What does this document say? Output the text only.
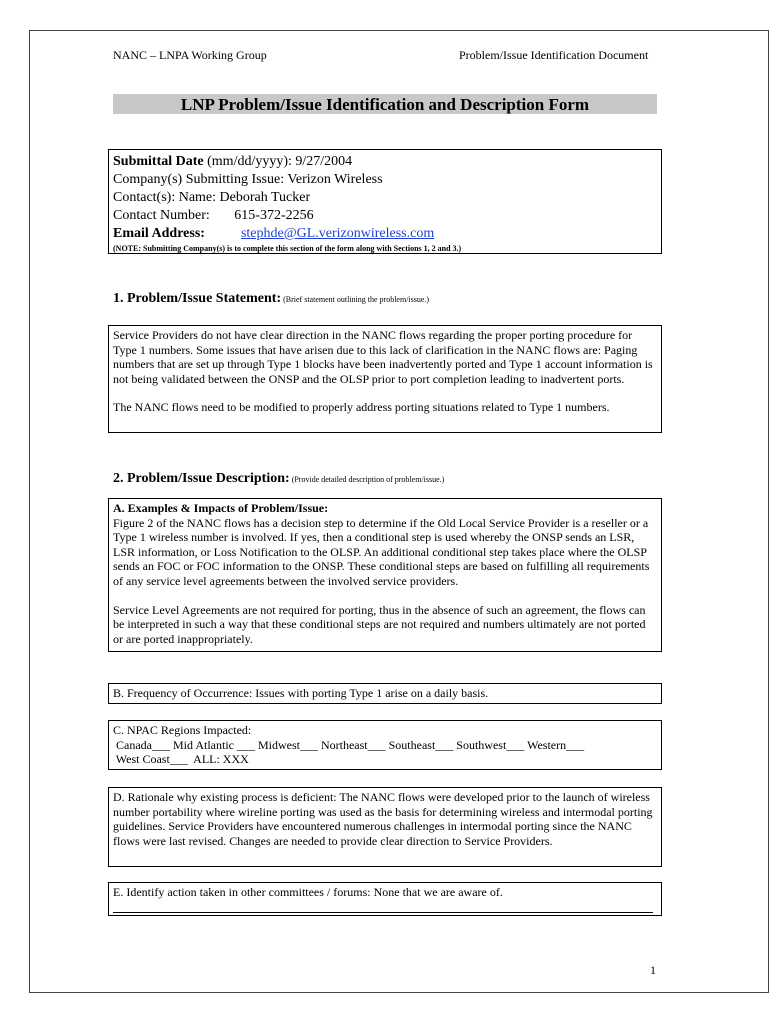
NANC – LNPA Working Group	Problem/Issue Identification Document
LNP Problem/Issue Identification and Description Form
Submittal Date (mm/dd/yyyy): 9/27/2004
Company(s) Submitting Issue: Verizon Wireless
Contact(s): Name: Deborah Tucker
Contact Number:       615-372-2256
Email Address:	stephde@GL.verizonwireless.com
(NOTE: Submitting Company(s) is to complete this section of the form along with Sections 1, 2 and 3.)
1. Problem/Issue Statement: (Brief statement outlining the problem/issue.)

Service Providers do not have clear direction in the NANC flows regarding the proper porting procedure for Type 1 numbers. Some issues that have arisen due to this lack of clarification in the NANC flows are: Paging numbers that are set up through Type 1 blocks have been inadvertently ported and Type 1 account information is not being validated between the ONSP and the OLSP prior to port completion leading to inadvertent ports.

The NANC flows need to be modified to properly address porting situations related to Type 1 numbers.

2. Problem/Issue Description: (Provide detailed description of problem/issue.)

A. Examples & Impacts of Problem/Issue:

Figure 2 of the NANC flows has a decision step to determine if the Old Local Service Provider is a reseller or a Type 1 wireless number is involved. If yes, then a conditional step is used whereby the ONSP sends an LSR, LSR information, or Loss Notification to the OLSP. An additional conditional step takes place where the OLSP sends an FOC or FOC information to the ONSP. These conditional steps are based on fulfilling all requirements of any service level agreements between the involved service providers.

Service Level Agreements are not required for porting, thus in the absence of such an agreement, the flows can be interpreted in such a way that these conditional steps are not required and numbers ultimately are not ported or are ported inappropriately.

B. Frequency of Occurrence: Issues with porting Type 1 arise on a daily basis.

C. NPAC Regions Impacted:

Canada___ Mid Atlantic ___ Midwest___ Northeast___ Southeast___ Southwest___ Western___

West Coast___  ALL: XXX

D. Rationale why existing process is deficient: The NANC flows were developed prior to the launch of wireless number portability where wireline porting was used as the basis for determining wireless and intermodal porting guidelines. Service Providers have encountered numerous challenges in intermodal porting since the NANC flows were last revised. Changes are needed to provide clear direction to Service Providers.

E. Identify action taken in other committees / forums: None that we are aware of.

1
